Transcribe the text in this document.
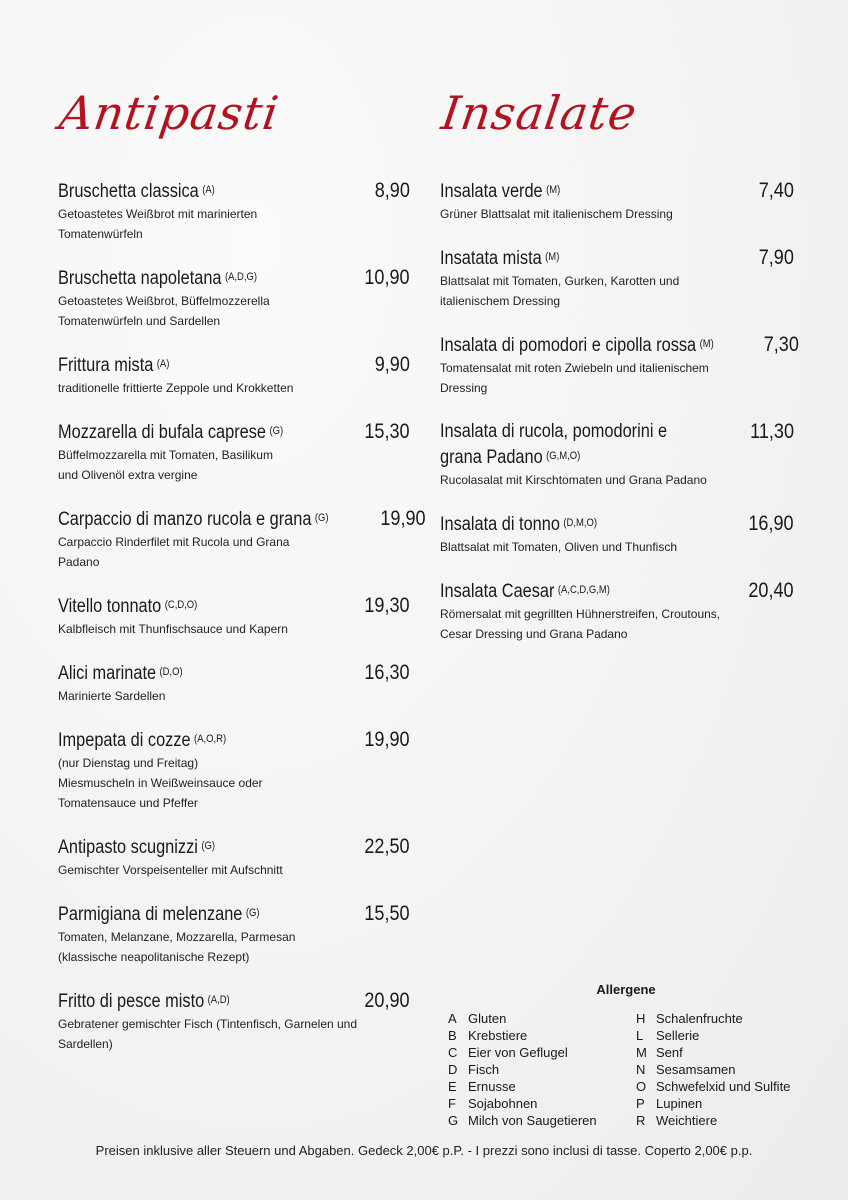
Antipasti	Insalate
Bruschetta classica $^{(A)}$	8,90
Getoastetes Weißbrot mit marinierten
Tomatenwürfeln
Bruschetta napoletana $^{(A,D,G)}$	10,90
Getoastetes Weißbrot, Büffelmozzerella
Tomatenwürfeln und Sardellen
Frittura mista $^{(A)}$	9,90
traditionelle frittierte Zeppole und Krokketten
Mozzarella di bufala caprese $^{(G)}$	15,30
Büffelmozzarella mit Tomaten, Basilikum
und Olivenöl extra vergine
Carpaccio di manzo rucola e grana $^{(G)}$ 19,90
Carpaccio Rinderfilet mit Rucola und Grana
Padano
Vitello tonnato $^{(C,D,O)}$	19,30
Kalbfleisch mit Thunfischsauce und Kapern
Alici marinate $^{(D,O)}$	16,30
Marinierte Sardellen
Impepata di cozze $^{(A,O,R)}$	19,90
(nur Dienstag und Freitag)
Miesmuscheln in Weißweinsauce oder
Tomatensauce und Pfeffer
Antipasto scugnizzi $^{(G)}$	22,50
Gemischter Vorspeisenteller mit Aufschnitt
Parmigiana di melenzane $^{(G)}$	15,50
Tomaten, Melanzane, Mozzarella, Parmesan
(klassische neapolitanische Rezept)
Fritto di pesce misto $^{(A,D)}$	20,90
Gebratener gemischter Fisch (Tintenfisch, Garnelen und
Sardellen)
Insalata verde $^{(M)}$	7,40
Grüner Blattsalat mit italienischem Dressing
Insatata mista $^{(M)}$	7,90
Blattsalat mit Tomaten, Gurken, Karotten und
italienischem Dressing
Insalata di pomodori e cipolla rossa $^{(M)}$ 7,30
Tomatensalat mit roten Zwiebeln und italienischem
Dressing
Insalata di rucola, pomodorini e grana Padano $^{(G,M,O)}$
11,30
Rucolasalat mit Kirschtomaten und Grana Padano
Insalata di tonno $^{(D,M,O)}$	16,90
Blattsalat mit Tomaten, Oliven und Thunfisch
Insalata Caesar $^{(A,C,D,G,M)}$	20,40
Römersalat mit gegrillten Hühnerstreifen, Croutouns,
Cesar Dressing und Grana Padano
Allergene
A Gluten	H Schalenfruchte
B Krebstiere	L Sellerie
C Eier von Geflugel	M Senf
D Fisch	N Sesamsamen
E Ernusse	O Schwefelxid und Sulfite
F Sojabohnen	P Lupinen
G Milch von Saugetieren	R Weichtiere
Preisen inklusive aller Steuern und Abgaben. Gedeck 2,00€ p.P. - I prezzi sono inclusi di tasse. Coperto 2,00€ p.p.
